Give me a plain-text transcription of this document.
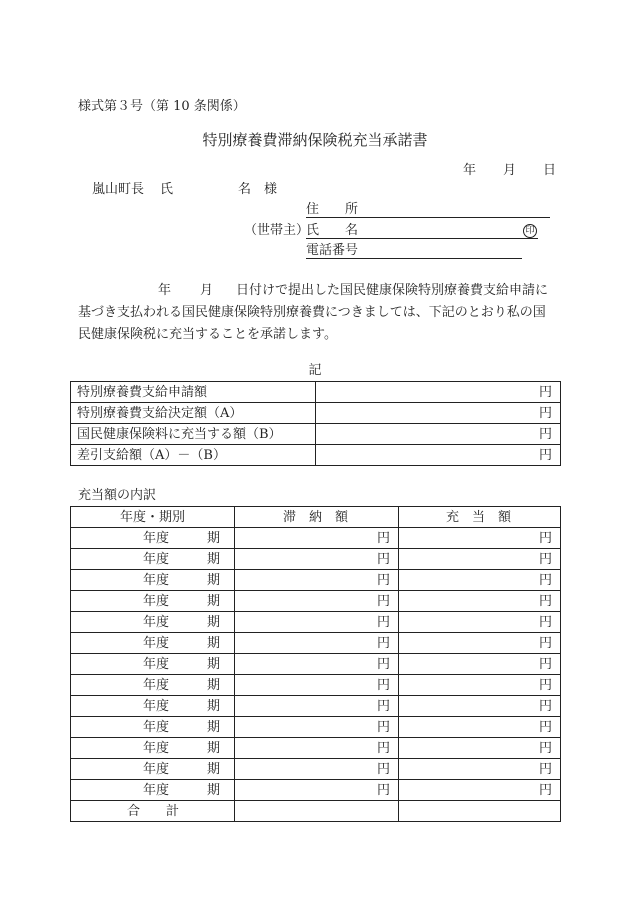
様式第３号（第 10 条関係）
特別療養費滞納保険税充当承諾書
年 月 日
嵐山町長 氏	名　様
住　　所
（世帯主）
氏　　名	印
電話番号
年 月 日付けで提出した国民健康保険特別療養費支給申請に
基づき支払われる国民健康保険特別療養費につきましては、下記のとおり私の国
民健康保険税に充当することを承諾します。
記
特別療養費支給申請額	円
特別療養費支給決定額（A）	円
国民健康保険料に充当する額（B）	円
差引支給額（A）－（B）	円
充当額の内訳
年度・期別	滞　納　額	充　当　額

年度 期	円	円

年度 期	円	円

年度 期	円	円

年度 期	円	円

年度 期	円	円

年度 期	円	円

年度 期	円	円

年度 期	円	円

年度 期	円	円

年度 期	円	円

年度 期	円	円

年度 期	円	円

年度 期	円	円
合　　計		
